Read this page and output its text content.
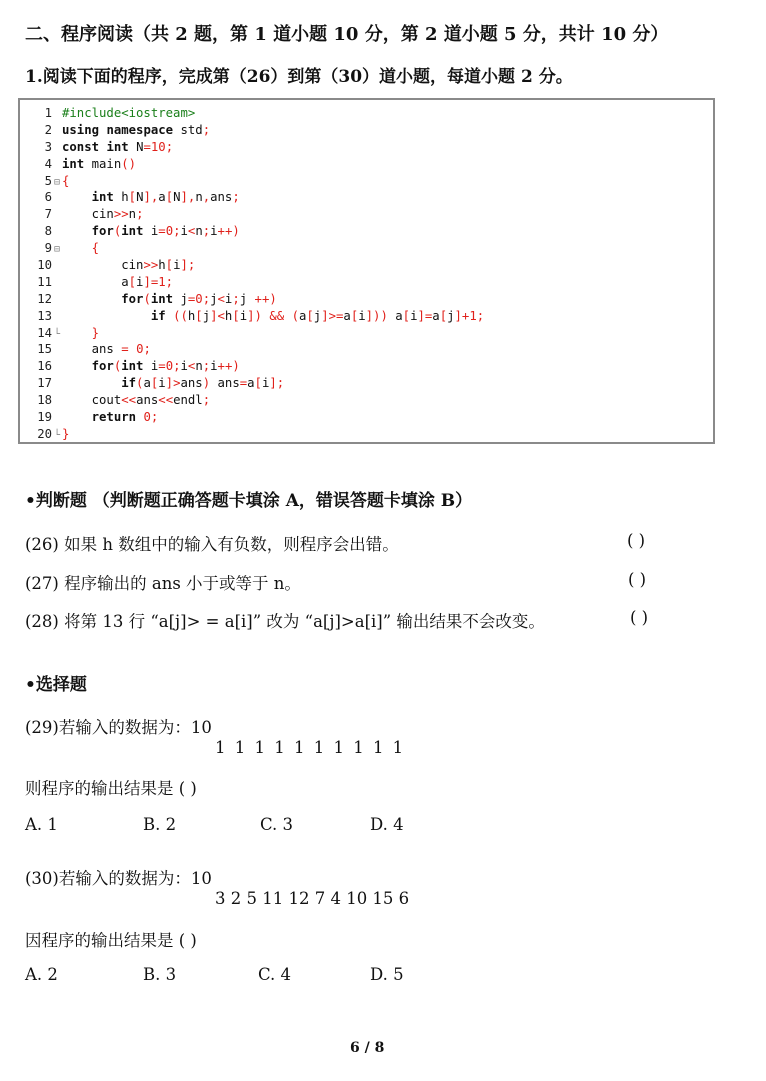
二、程序阅读（共 2 题，第 1 道小题 10 分，第 2 道小题 5 分，共计 10 分）
1.阅读下面的程序，完成第（26）到第（30）道小题，每道小题 2 分。
1 #include<iostream>
2 using namespace std;
3 const int N=10;
4 int main()
5 ⊟ {
6	int h[N],a[N],n,ans;
7	cin>>n;
8	for(int i=0;i<n;i++)
9 ⊟	{
10	cin>>h[i];
11	a[i]=1;
12	for(int j=0;j<i;j ++)
13	if ((h[j]<h[i]) && (a[j]>=a[i])) a[i]=a[j]+1;
14 └	}
15	ans = 0;
16	for(int i=0;i<n;i++)
17	if(a[i]>ans) ans=a[i];
18	cout<<ans<<endl;
19	return 0;
20 └ }
•判断题 （判断题正确答题卡填涂 A，错误答题卡填涂 B）
(26) 如果 h 数组中的输入有负数，则程序会出错。	( )
(27) 程序输出的 ans 小于或等于 n。	( )
(28) 将第 13 行 “a[j]> = a[i]” 改为 “a[j]>a[i]” 输出结果不会改变。	( )
•选择题
(29)若输入的数据为：10
1 1 1 1 1 1 1 1 1 1
则程序的输出结果是 ( )
A. 1	B. 2	C. 3	D. 4
(30)若输入的数据为：10
3 2 5 11 12 7 4 10 15 6
因程序的输出结果是 ( )
A. 2	B. 3	C. 4	D. 5
6 / 8
